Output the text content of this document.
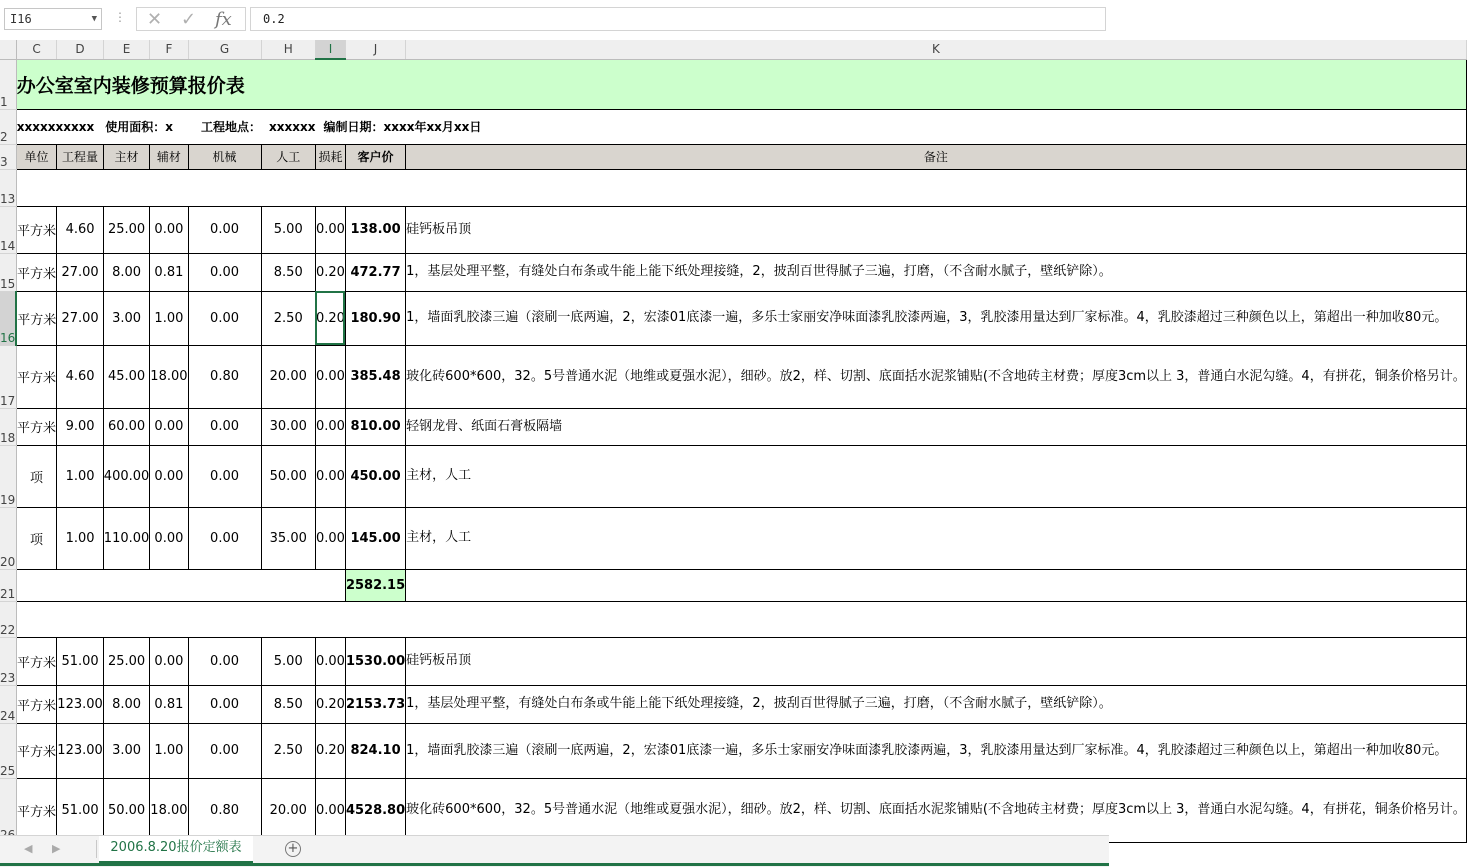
I16	▼ ⋮ ✕ ✓ fx	0.2
	C	D	E	F	G	H	I	J	K
1	办公室室内装修预算报价表								
2	xxxxxxxxxx		使用面积：x		工程地点：	xxxxxx	编制日期：xxxx年xx月xx日		
3	单位	工程量	主材	辅材	机械	人工	损耗	客户价	备注
13									
14	平方米	4.60	25.00	0.00	0.00	5.00	0.00	138.00	硅钙板吊顶
15	平方米	27.00	8.00	0.81	0.00	8.50	0.20	472.77	1，基层处理平整，有缝处白布条或牛能上能下纸处理接缝，2，披刮百世得腻子三遍，打磨，（不含耐水腻子，壁纸铲除）。
16	平方米	27.00	3.00	1.00	0.00	2.50	0.20	180.90	1，墙面乳胶漆三遍（滚刷一底两遍，2，宏漆01底漆一遍，多乐士家丽安净味面漆乳胶漆两遍，3，乳胶漆用量达到厂家标准。4，乳胶漆超过三种颜色以上，第超出一种加收80元。
17	平方米	4.60	45.00	18.00	0.80	20.00	0.00	385.48	玻化砖600*600，32。5号普通水泥（地维或夏强水泥），细砂。放2，样、切割、底面括水泥浆铺贴(不含地砖主材费；厚度3cm以上 3，普通白水泥勾缝。4，有拼花，铜条价格另计。
18	平方米	9.00	60.00	0.00	0.00	30.00	0.00	810.00	轻钢龙骨、纸面石膏板隔墙
19	项	1.00	400.00	0.00	0.00	50.00	0.00	450.00	主材，人工
20	项	1.00	110.00	0.00	0.00	35.00	0.00	145.00	主材，人工
21								2582.15	
22									
23	平方米	51.00	25.00	0.00	0.00	5.00	0.00	1530.00	硅钙板吊顶
24	平方米	123.00	8.00	0.81	0.00	8.50	0.20	2153.73	1，基层处理平整，有缝处白布条或牛能上能下纸处理接缝，2，披刮百世得腻子三遍，打磨，（不含耐水腻子，壁纸铲除）。
25	平方米	123.00	3.00	1.00	0.00	2.50	0.20	824.10	1，墙面乳胶漆三遍（滚刷一底两遍，2，宏漆01底漆一遍，多乐士家丽安净味面漆乳胶漆两遍，3，乳胶漆用量达到厂家标准。4，乳胶漆超过三种颜色以上，第超出一种加收80元。
	平方米	51.00	50.00	18.00	0.80	20.00	0.00	4528.80	玻化砖600*600，32。5号普通水泥（地维或夏强水泥），细砂。放2，样、切割、底面括水泥浆铺贴(不含地砖主材费；厚度3cm以上 3，普通白水泥勾缝。4，有拼花，铜条价格另计。
◀ ▶	2006.8.20报价定额表	+
